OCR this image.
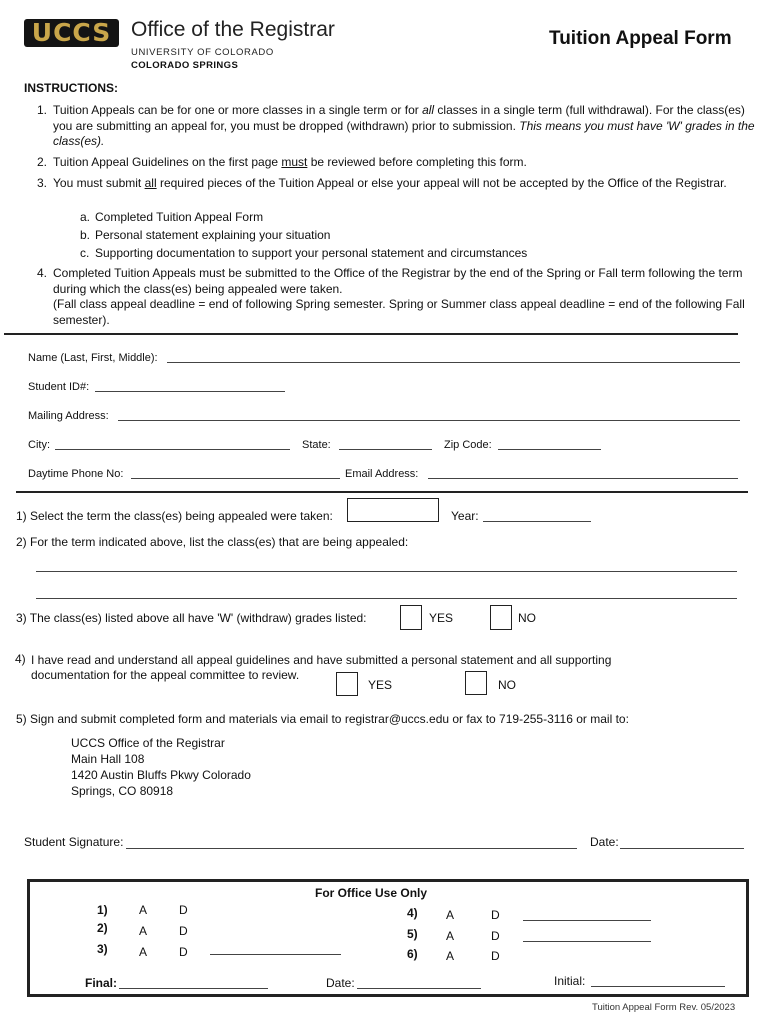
UCCS Office of the Registrar
UNIVERSITY OF COLORADO
COLORADO SPRINGS
Tuition Appeal Form
INSTRUCTIONS:
1. Tuition Appeals can be for one or more classes in a single term or for all classes in a single term (full withdrawal). For the class(es) you are submitting an appeal for, you must be dropped (withdrawn) prior to submission. This means you must have 'W' grades in the class(es).
2. Tuition Appeal Guidelines on the first page must be reviewed before completing this form.
3. You must submit all required pieces of the Tuition Appeal or else your appeal will not be accepted by the Office of the Registrar.
a. Completed Tuition Appeal Form
b. Personal statement explaining your situation
c. Supporting documentation to support your personal statement and circumstances
4. Completed Tuition Appeals must be submitted to the Office of the Registrar by the end of the Spring or Fall term following the term during which the class(es) being appealed were taken.
(Fall class appeal deadline = end of following Spring semester. Spring or Summer class appeal deadline = end of the following Fall semester).
Name (Last, First, Middle):
Student ID#:
Mailing Address:
City:	State:	Zip Code:
Daytime Phone No:	Email Address:
1) Select the term the class(es) being appealed were taken:	Year:
2) For the term indicated above, list the class(es) that are being appealed:
3) The class(es) listed above all have 'W' (withdraw) grades listed:	YES	NO
4) I have read and understand all appeal guidelines and have submitted a personal statement and all supporting
documentation for the appeal committee to review.
YES	NO
5) Sign and submit completed form and materials via email to registrar@uccs.edu or fax to 719-255-3116 or mail to:
UCCS Office of the Registrar
Main Hall 108
1420 Austin Bluffs Pkwy Colorado
Springs, CO 80918
Student Signature:	Date:
For Office Use Only
1)	A	D
2)	A	D
3)	A	D
4) A	D
5) A	D
6) A	D
Final:	Date:	Initial:
Tuition Appeal Form Rev. 05/2023
